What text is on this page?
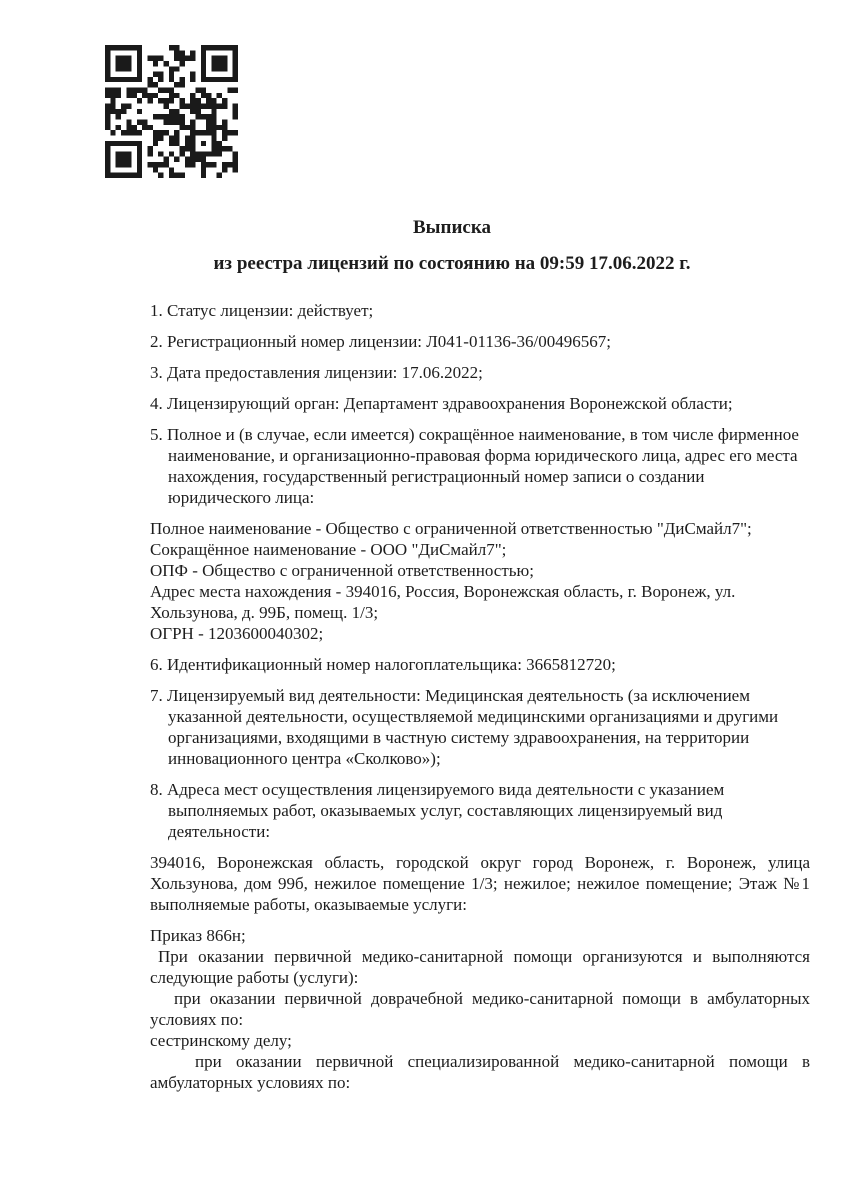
Выписка

из реестра лицензий по состоянию на 09:59 17.06.2022 г.

1. Статус лицензии: действует;

2. Регистрационный номер лицензии: Л041-01136-36/00496567;

3. Дата предоставления лицензии: 17.06.2022;

4. Лицензирующий орган: Департамент здравоохранения Воронежской области;

5. Полное и (в случае, если имеется) сокращённое наименование, в том числе фирменное наименование, и организационно-правовая форма юридического лица, адрес его места нахождения, государственный регистрационный номер записи о создании юридического лица:

Полное наименование - Общество с ограниченной ответственностью "ДиСмайл7";
Сокращённое наименование - ООО "ДиСмайл7";
ОПФ - Общество с ограниченной ответственностью;
Адрес места нахождения - 394016, Россия, Воронежская область, г. Воронеж, ул. Хользунова, д. 99Б, помещ. 1/3;
ОГРН - 1203600040302;

6. Идентификационный номер налогоплательщика: 3665812720;

7. Лицензируемый вид деятельности: Медицинская деятельность (за исключением указанной деятельности, осуществляемой медицинскими организациями и другими организациями, входящими в частную систему здравоохранения, на территории инновационного центра «Сколково»);

8. Адреса мест осуществления лицензируемого вида деятельности с указанием выполняемых работ, оказываемых услуг, составляющих лицензируемый вид деятельности:

394016, Воронежская область, городской округ город Воронеж, г. Воронеж, улица Хользунова, дом 99б, нежилое помещение 1/3; нежилое; нежилое помещение; Этаж №1 выполняемые работы, оказываемые услуги:

Приказ 866н;

При оказании первичной медико-санитарной помощи организуются и выполняются следующие работы (услуги):

при оказании первичной доврачебной медико-санитарной помощи в амбулаторных условиях по:

сестринскому делу;

при оказании первичной специализированной медико-санитарной помощи в амбулаторных условиях по:
